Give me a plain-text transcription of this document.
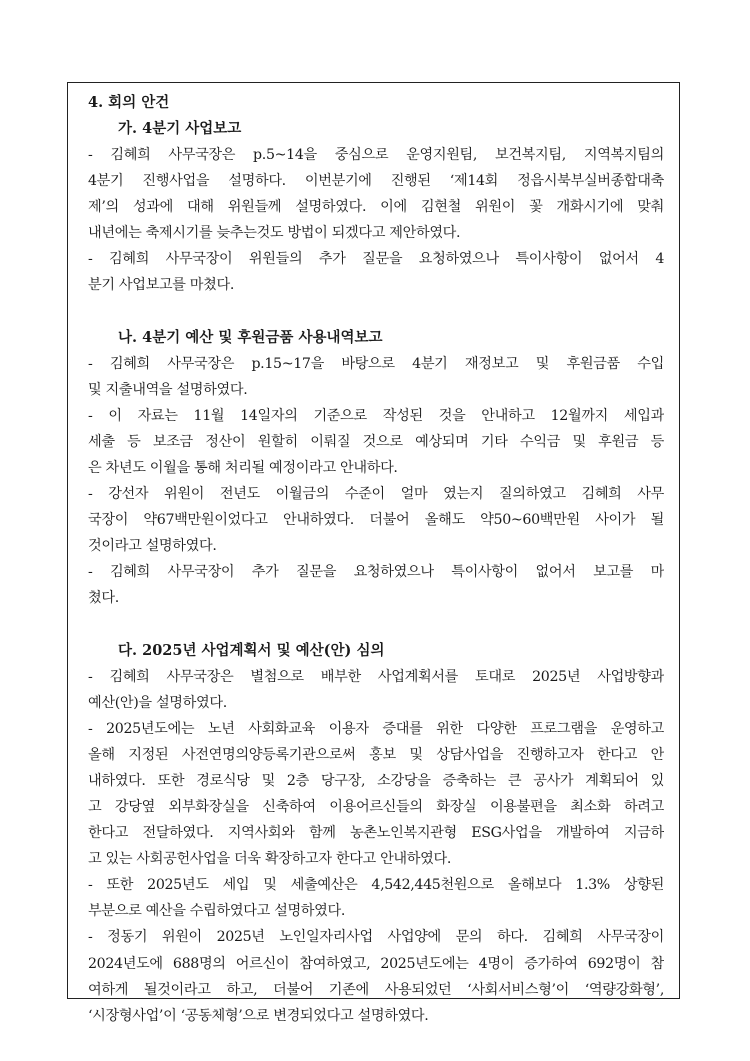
4. 회의 안건
가. 4분기 사업보고
- 김혜희 사무국장은 p.5~14을 중심으로 운영지원팀, 보건복지팀, 지역복지팀의
4분기 진행사업을 설명하다. 이번분기에 진행된 ‘제14회 정읍시북부실버종합대축
제’의 성과에 대해 위원들께 설명하였다. 이에 김현철 위원이 꽃 개화시기에 맞춰
내년에는 축제시기를 늦추는것도 방법이 되겠다고 제안하였다.
- 김혜희 사무국장이 위원들의 추가 질문을 요청하였으나 특이사항이 없어서 4
분기 사업보고를 마쳤다.
나. 4분기 예산 및 후원금품 사용내역보고
- 김혜희 사무국장은 p.15~17을 바탕으로 4분기 재정보고 및 후원금품 수입
및 지출내역을 설명하였다.
- 이 자료는 11월 14일자의 기준으로 작성된 것을 안내하고 12월까지 세입과
세출 등 보조금 정산이 원할히 이뤄질 것으로 예상되며 기타 수익금 및 후원금 등
은 차년도 이월을 통해 처리될 예정이라고 안내하다.
- 강선자 위원이 전년도 이월금의 수준이 얼마 였는지 질의하였고 김혜희 사무
국장이 약67백만원이었다고 안내하였다. 더불어 올해도 약50~60백만원 사이가 될
것이라고 설명하였다.
- 김혜희 사무국장이 추가 질문을 요청하였으나 특이사항이 없어서 보고를 마
쳤다.
다. 2025년 사업계획서 및 예산(안) 심의
- 김혜희 사무국장은 별첨으로 배부한 사업계획서를 토대로 2025년 사업방향과
예산(안)을 설명하였다.
- 2025년도에는 노년 사회화교육 이용자 증대를 위한 다양한 프로그램을 운영하고
올해 지정된 사전연명의양등록기관으로써 홍보 및 상담사업을 진행하고자 한다고 안
내하였다. 또한 경로식당 및 2층 당구장, 소강당을 증축하는 큰 공사가 계획되어 있
고 강당옆 외부화장실을 신축하여 이용어르신들의 화장실 이용불편을 최소화 하려고
한다고 전달하였다. 지역사회와 함께 농촌노인복지관형 ESG사업을 개발하여 지금하
고 있는 사회공헌사업을 더욱 확장하고자 한다고 안내하였다.
- 또한 2025년도 세입 및 세출예산은 4,542,445천원으로 올해보다 1.3% 상향된
부분으로 예산을 수립하였다고 설명하였다.
- 정동기 위원이 2025년 노인일자리사업 사업양에 문의 하다. 김혜희 사무국장이
2024년도에 688명의 어르신이 참여하였고, 2025년도에는 4명이 증가하여 692명이 참
여하게 될것이라고 하고, 더불어 기존에 사용되었던 ‘사회서비스형’이 ‘역량강화형’,
‘시장형사업’이 ‘공동체형’으로 변경되었다고 설명하였다.
